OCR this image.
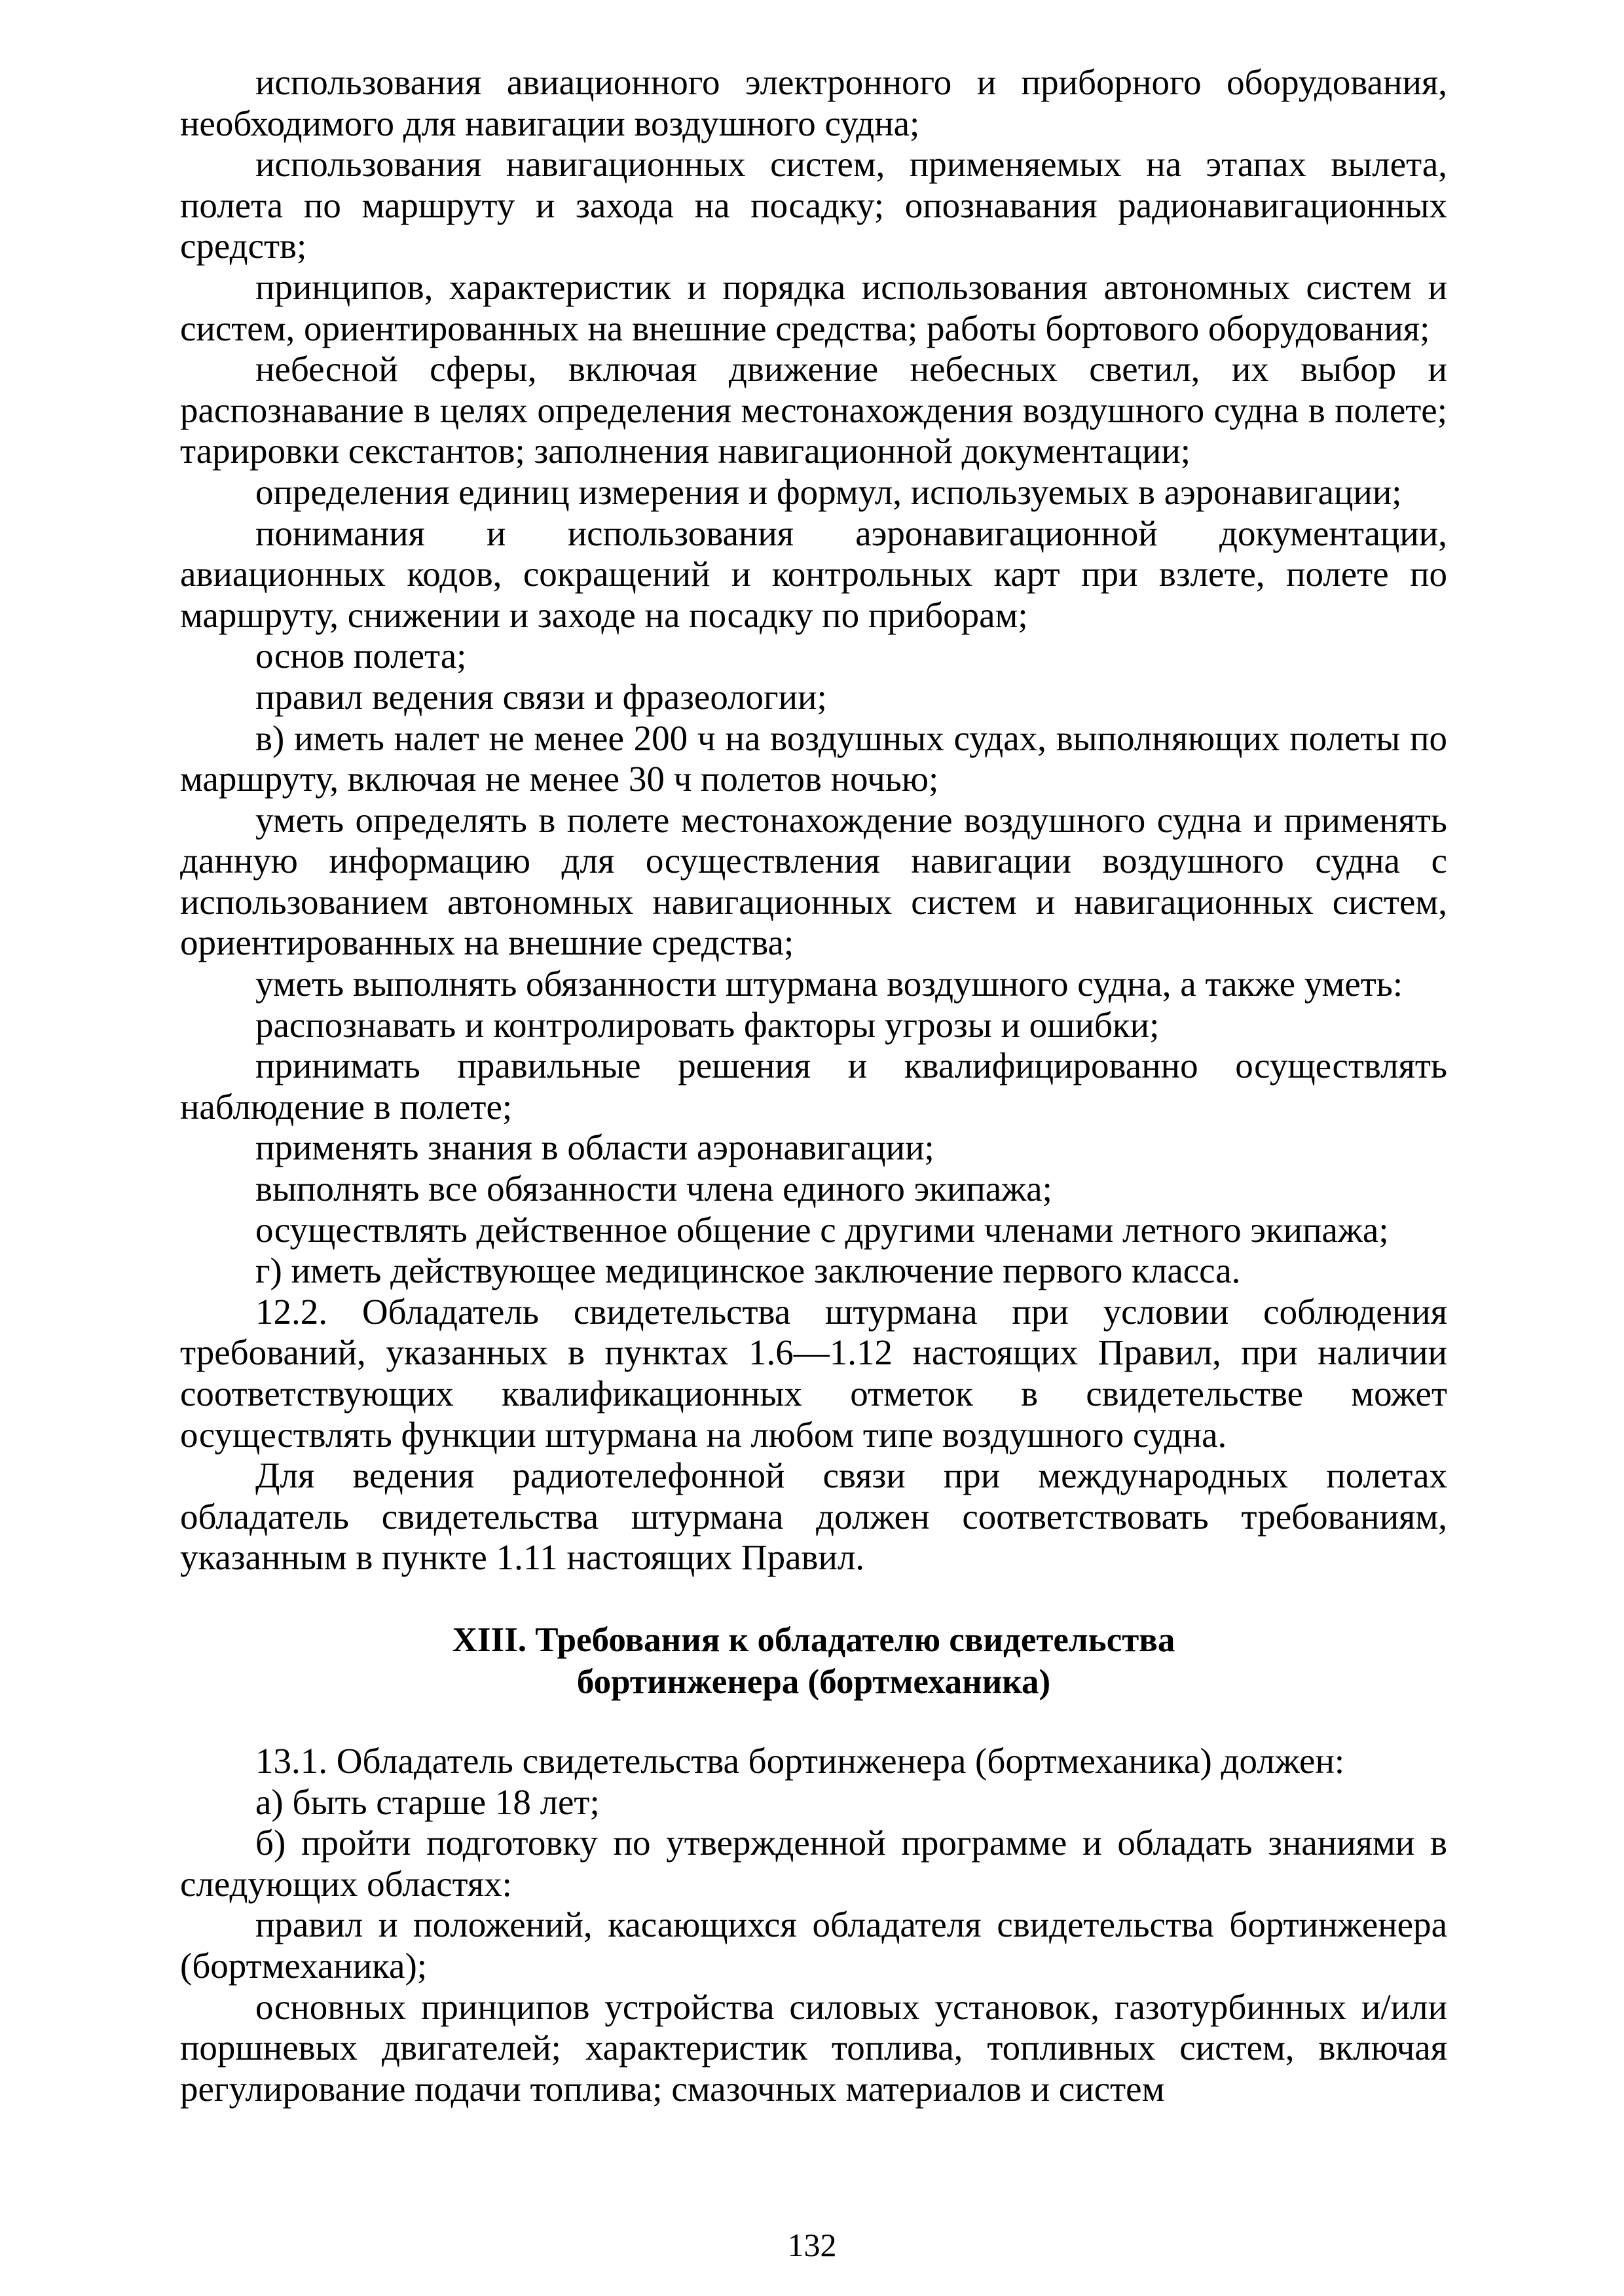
использования авиационного электронного и приборного оборудования, необходимого для навигации воздушного судна;

использования навигационных систем, применяемых на этапах вылета, полета по маршруту и захода на посадку; опознавания радионавигационных средств;

принципов, характеристик и порядка использования автономных систем и систем, ориентированных на внешние средства; работы бортового оборудования;

небесной сферы, включая движение небесных светил, их выбор и распознавание в целях определения местонахождения воздушного судна в полете; тарировки секстантов; заполнения навигационной документации;

определения единиц измерения и формул, используемых в аэронавигации;

понимания и использования аэронавигационной документации, авиационных кодов, сокращений и контрольных карт при взлете, полете по маршруту, снижении и заходе на посадку по приборам;

основ полета;

правил ведения связи и фразеологии;

в) иметь налет не менее 200 ч на воздушных судах, выполняющих полеты по маршруту, включая не менее 30 ч полетов ночью;

уметь определять в полете местонахождение воздушного судна и применять данную информацию для осуществления навигации воздушного судна с использованием автономных навигационных систем и навигационных систем, ориентированных на внешние средства;

уметь выполнять обязанности штурмана воздушного судна, а также уметь:

распознавать и контролировать факторы угрозы и ошибки;

принимать правильные решения и квалифицированно осуществлять наблюдение в полете;

применять знания в области аэронавигации;

выполнять все обязанности члена единого экипажа;

осуществлять действенное общение с другими членами летного экипажа;

г) иметь действующее медицинское заключение первого класса.

12.2. Обладатель свидетельства штурмана при условии соблюдения требований, указанных в пунктах 1.6—1.12 настоящих Правил, при наличии соответствующих квалификационных отметок в свидетельстве может осуществлять функции штурмана на любом типе воздушного судна.

Для ведения радиотелефонной связи при международных полетах обладатель свидетельства штурмана должен соответствовать требованиям, указанным в пункте 1.11 настоящих Правил.

XIII. Требования к обладателю свидетельства
бортинженера (бортмеханика)

13.1. Обладатель свидетельства бортинженера (бортмеханика) должен:

а) быть старше 18 лет;

б) пройти подготовку по утвержденной программе и обладать знаниями в следующих областях:

правил и положений, касающихся обладателя свидетельства бортинженера (бортмеханика);

основных принципов устройства силовых установок, газотурбинных и/или поршневых двигателей; характеристик топлива, топливных систем, включая регулирование подачи топлива; смазочных материалов и систем

132
